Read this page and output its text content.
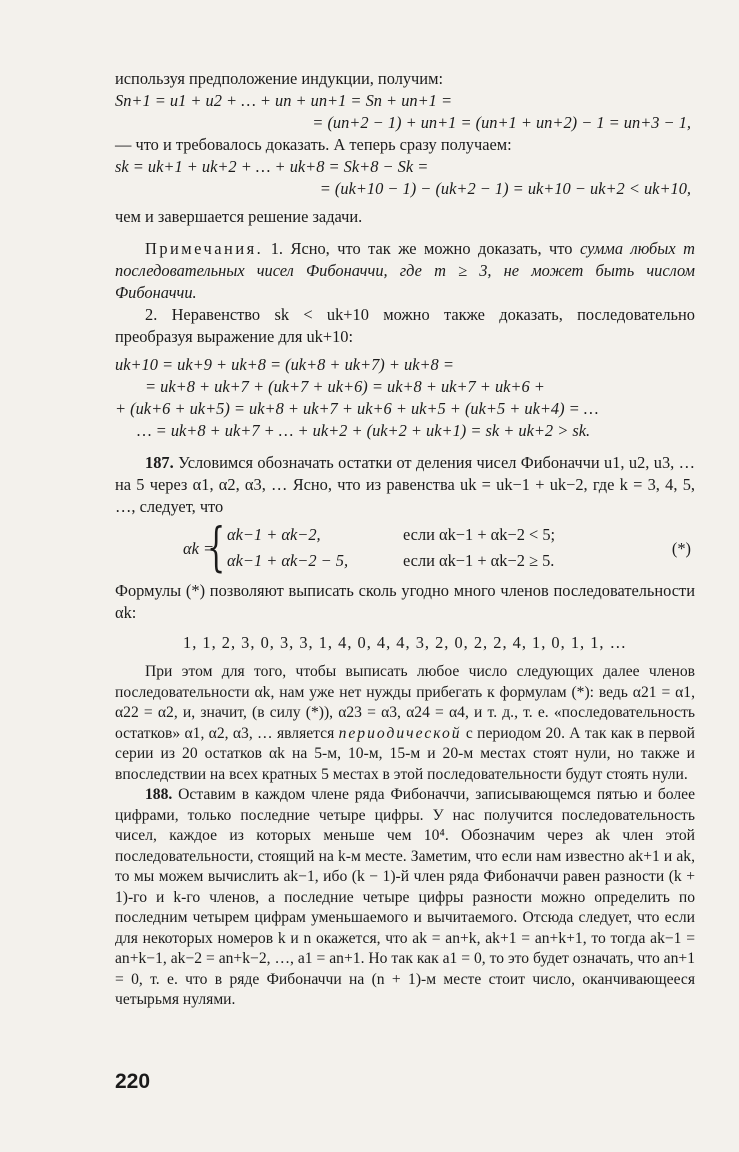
используя предположение индукции, получим:

Sn+1 = u1 + u2 + … + un + un+1 = Sn + un+1 =
= (un+2 − 1) + un+1 = (un+1 + un+2) − 1 = un+3 − 1,

— что и требовалось доказать. А теперь сразу получаем:

sk = uk+1 + uk+2 + … + uk+8 = Sk+8 − Sk =
= (uk+10 − 1) − (uk+2 − 1) = uk+10 − uk+2 < uk+10,

чем и завершается решение задачи.

Примечания. 1. Ясно, что так же можно доказать, что сумма любых m последовательных чисел Фибоначчи, где m ≥ 3, не может быть числом Фибоначчи.

2. Неравенство sk < uk+10 можно также доказать, последовательно преобразуя выражение для uk+10:

uk+10 = uk+9 + uk+8 = (uk+8 + uk+7) + uk+8 =
= uk+8 + uk+7 + (uk+7 + uk+6) = uk+8 + uk+7 + uk+6 +
+ (uk+6 + uk+5) = uk+8 + uk+7 + uk+6 + uk+5 + (uk+5 + uk+4) = …
… = uk+8 + uk+7 + … + uk+2 + (uk+2 + uk+1) = sk + uk+2 > sk.

187. Условимся обозначать остатки от деления чисел Фибоначчи u1, u2, u3, … на 5 через α1, α2, α3, … Ясно, что из равенства uk = uk−1 + uk−2, где k = 3, 4, 5, …, следует, что

αk =
{ αk−1 + αk−2,	если αk−1 + αk−2 < 5;
αk−1 + αk−2 − 5,	если αk−1 + αk−2 ≥ 5.
(*)

Формулы (*) позволяют выписать сколь угодно много членов последовательности αk:

1, 1, 2, 3, 0, 3, 3, 1, 4, 0, 4, 4, 3, 2, 0, 2, 2, 4, 1, 0, 1, 1, …

При этом для того, чтобы выписать любое число следующих далее членов последовательности αk, нам уже нет нужды прибегать к формулам (*): ведь α21 = α1, α22 = α2, и, значит, (в силу (*)), α23 = α3, α24 = α4, и т. д., т. е. «последовательность остатков» α1, α2, α3, … является периодической с периодом 20. А так как в первой серии из 20 остатков αk на 5-м, 10-м, 15-м и 20-м местах стоят нули, но также и впоследствии на всех кратных 5 местах в этой последовательности будут стоять нули.

188. Оставим в каждом члене ряда Фибоначчи, записывающемся пятью и более цифрами, только последние четыре цифры. У нас получится последовательность чисел, каждое из которых меньше чем 10⁴. Обозначим через ak член этой последовательности, стоящий на k-м месте. Заметим, что если нам известно ak+1 и ak, то мы можем вычислить ak−1, ибо (k − 1)-й член ряда Фибоначчи равен разности (k + 1)-го и k-го членов, а последние четыре цифры разности можно определить по последним четырем цифрам уменьшаемого и вычитаемого. Отсюда следует, что если для некоторых номеров k и n окажется, что ak = an+k, ak+1 = an+k+1, то тогда ak−1 = an+k−1, ak−2 = an+k−2, …, a1 = an+1. Но так как a1 = 0, то это будет означать, что an+1 = 0, т. е. что в ряде Фибоначчи на (n + 1)-м месте стоит число, оканчивающееся четырьмя нулями.

220
